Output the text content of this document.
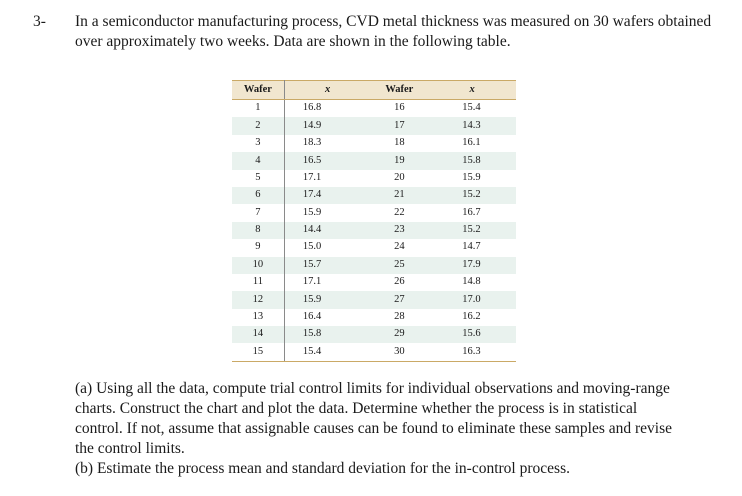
3- In a semiconductor manufacturing process, CVD metal thickness was measured on 30 wafers obtained over approximately two weeks. Data are shown in the following table.
Wafer	x	Wafer	x
1	16.8	16	15.4
2	14.9	17	14.3
3	18.3	18	16.1
4	16.5	19	15.8
5	17.1	20	15.9
6	17.4	21	15.2
7	15.9	22	16.7
8	14.4	23	15.2
9	15.0	24	14.7
10	15.7	25	17.9
11	17.1	26	14.8
12	15.9	27	17.0
13	16.4	28	16.2
14	15.8	29	15.6
15	15.4	30	16.3

(a) Using all the data, compute trial control limits for individual observations and moving-range charts. Construct the chart and plot the data. Determine whether the process is in statistical control. If not, assume that assignable causes can be found to eliminate these samples and revise the control limits.

(b) Estimate the process mean and standard deviation for the in-control process.
